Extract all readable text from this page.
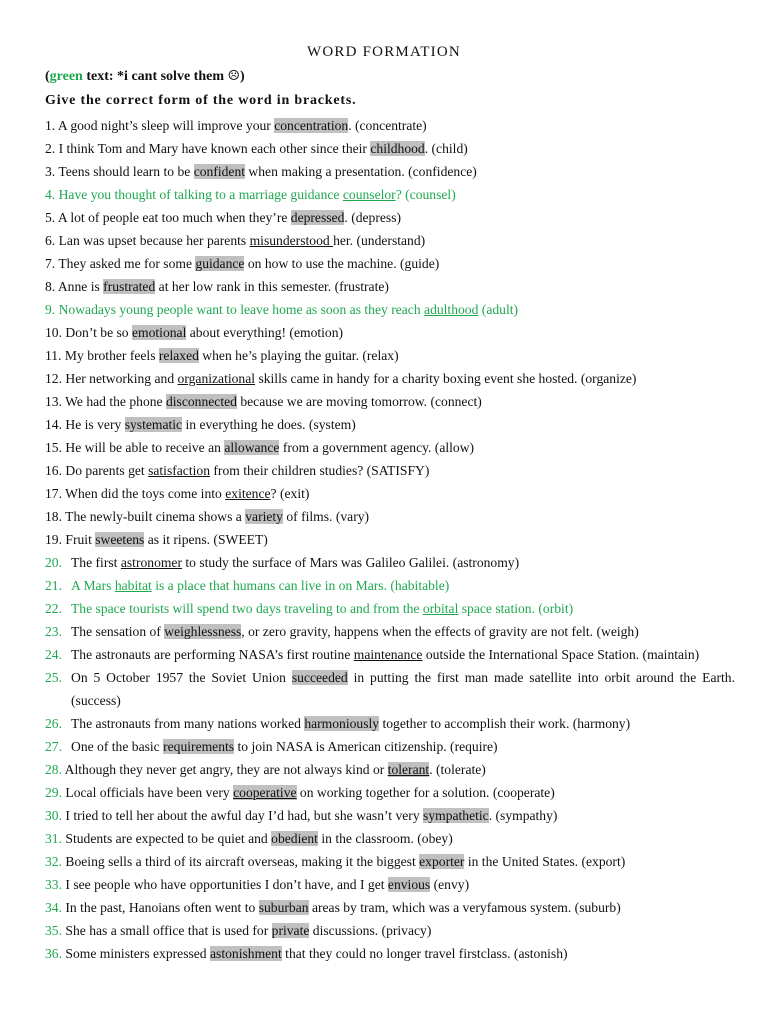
WORD FORMATION
(green text: *i cant solve them ☹)
Give the correct form of the word in brackets.
1. A good night’s sleep will improve your concentration. (concentrate)
2. I think Tom and Mary have known each other since their childhood. (child)
3. Teens should learn to be confident when making a presentation. (confidence)
4. Have you thought of talking to a marriage guidance counselor? (counsel)
5. A lot of people eat too much when they’re depressed. (depress)
6. Lan was upset because her parents misunderstood her. (understand)
7. They asked me for some guidance on how to use the machine. (guide)
8. Anne is frustrated at her low rank in this semester. (frustrate)
9. Nowadays young people want to leave home as soon as they reach adulthood (adult)
10. Don’t be so emotional about everything! (emotion)
11. My brother feels relaxed when he’s playing the guitar. (relax)
12. Her networking and organizational skills came in handy for a charity boxing event she hosted. (organize)
13. We had the phone disconnected because we are moving tomorrow. (connect)
14. He is very systematic in everything he does. (system)
15. He will be able to receive an allowance from a government agency. (allow)
16. Do parents get satisfaction from their children studies? (SATISFY)
17. When did the toys come into exitence? (exit)
18. The newly-built cinema shows a variety of films. (vary)
19. Fruit sweetens as it ripens. (SWEET)
20. The first astronomer to study the surface of Mars was Galileo Galilei. (astronomy)
21. A Mars habitat is a place that humans can live in on Mars. (habitable)
22. The space tourists will spend two days traveling to and from the orbital space station. (orbit)
23. The sensation of weighlessness, or zero gravity, happens when the effects of gravity are not felt. (weigh)
24. The astronauts are performing NASA’s first routine maintenance outside the International Space Station. (maintain)
25. On 5 October 1957 the Soviet Union succeeded in putting the first man made satellite into orbit around the Earth. (success)
26. The astronauts from many nations worked harmoniously together to accomplish their work. (harmony)
27. One of the basic requirements to join NASA is American citizenship. (require)
28. Although they never get angry, they are not always kind or tolerant. (tolerate)
29. Local officials have been very cooperative on working together for a solution. (cooperate)
30. I tried to tell her about the awful day I’d had, but she wasn’t very sympathetic. (sympathy)
31. Students are expected to be quiet and obedient in the classroom. (obey)
32. Boeing sells a third of its aircraft overseas, making it the biggest exporter in the United States. (export)
33. I see people who have opportunities I don’t have, and I get envious (envy)
34. In the past, Hanoians often went to suburban areas by tram, which was a veryfamous system. (suburb)
35. She has a small office that is used for private discussions. (privacy)
36. Some ministers expressed astonishment that they could no longer travel firstclass. (astonish)
